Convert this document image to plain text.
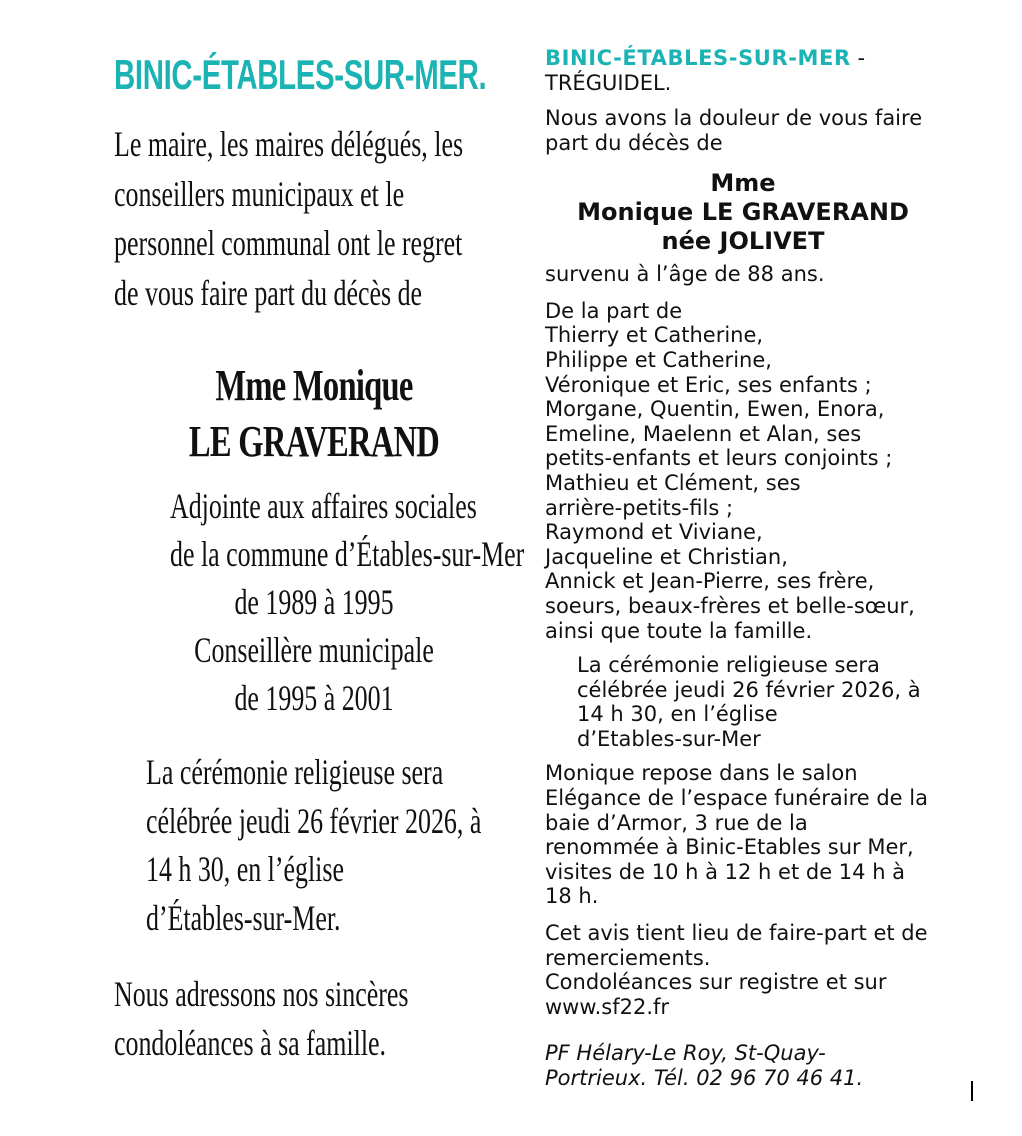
BINIC-ÉTABLES-SUR-MER.
Le maire, les maires délégués, les
conseillers municipaux et le
personnel communal ont le regret
de vous faire part du décès de
Mme Monique
LE GRAVERAND
Adjointe aux affaires sociales
de la commune d’Étables-sur-Mer
de 1989 à 1995
Conseillère municipale
de 1995 à 2001
La cérémonie religieuse sera
célébrée jeudi 26 février 2026, à
14 h 30, en l’église
d’Étables-sur-Mer.
Nous adressons nos sincères
condoléances à sa famille.
BINIC-ÉTABLES-SUR-MER -
TRÉGUIDEL.
Nous avons la douleur de vous faire
part du décès de
Mme
Monique LE GRAVERAND
née JOLIVET
survenu à l’âge de 88 ans.
De la part de
Thierry et Catherine,
Philippe et Catherine,
Véronique et Eric, ses enfants ;
Morgane, Quentin, Ewen, Enora,
Emeline, Maelenn et Alan, ses
petits-enfants et leurs conjoints ;
Mathieu et Clément, ses
arrière-petits-fils ;
Raymond et Viviane,
Jacqueline et Christian,
Annick et Jean-Pierre, ses frère,
soeurs, beaux-frères et belle-sœur,
ainsi que toute la famille.
La cérémonie religieuse sera
célébrée jeudi 26 février 2026, à
14 h 30, en l’église
d’Etables-sur-Mer
Monique repose dans le salon
Elégance de l’espace funéraire de la
baie d’Armor, 3 rue de la
renommée à Binic-Etables sur Mer,
visites de 10 h à 12 h et de 14 h à
18 h.
Cet avis tient lieu de faire-part et de
remerciements.
Condoléances sur registre et sur
www.sf22.fr
PF Hélary-Le Roy, St-Quay-
Portrieux. Tél. 02 96 70 46 41.
